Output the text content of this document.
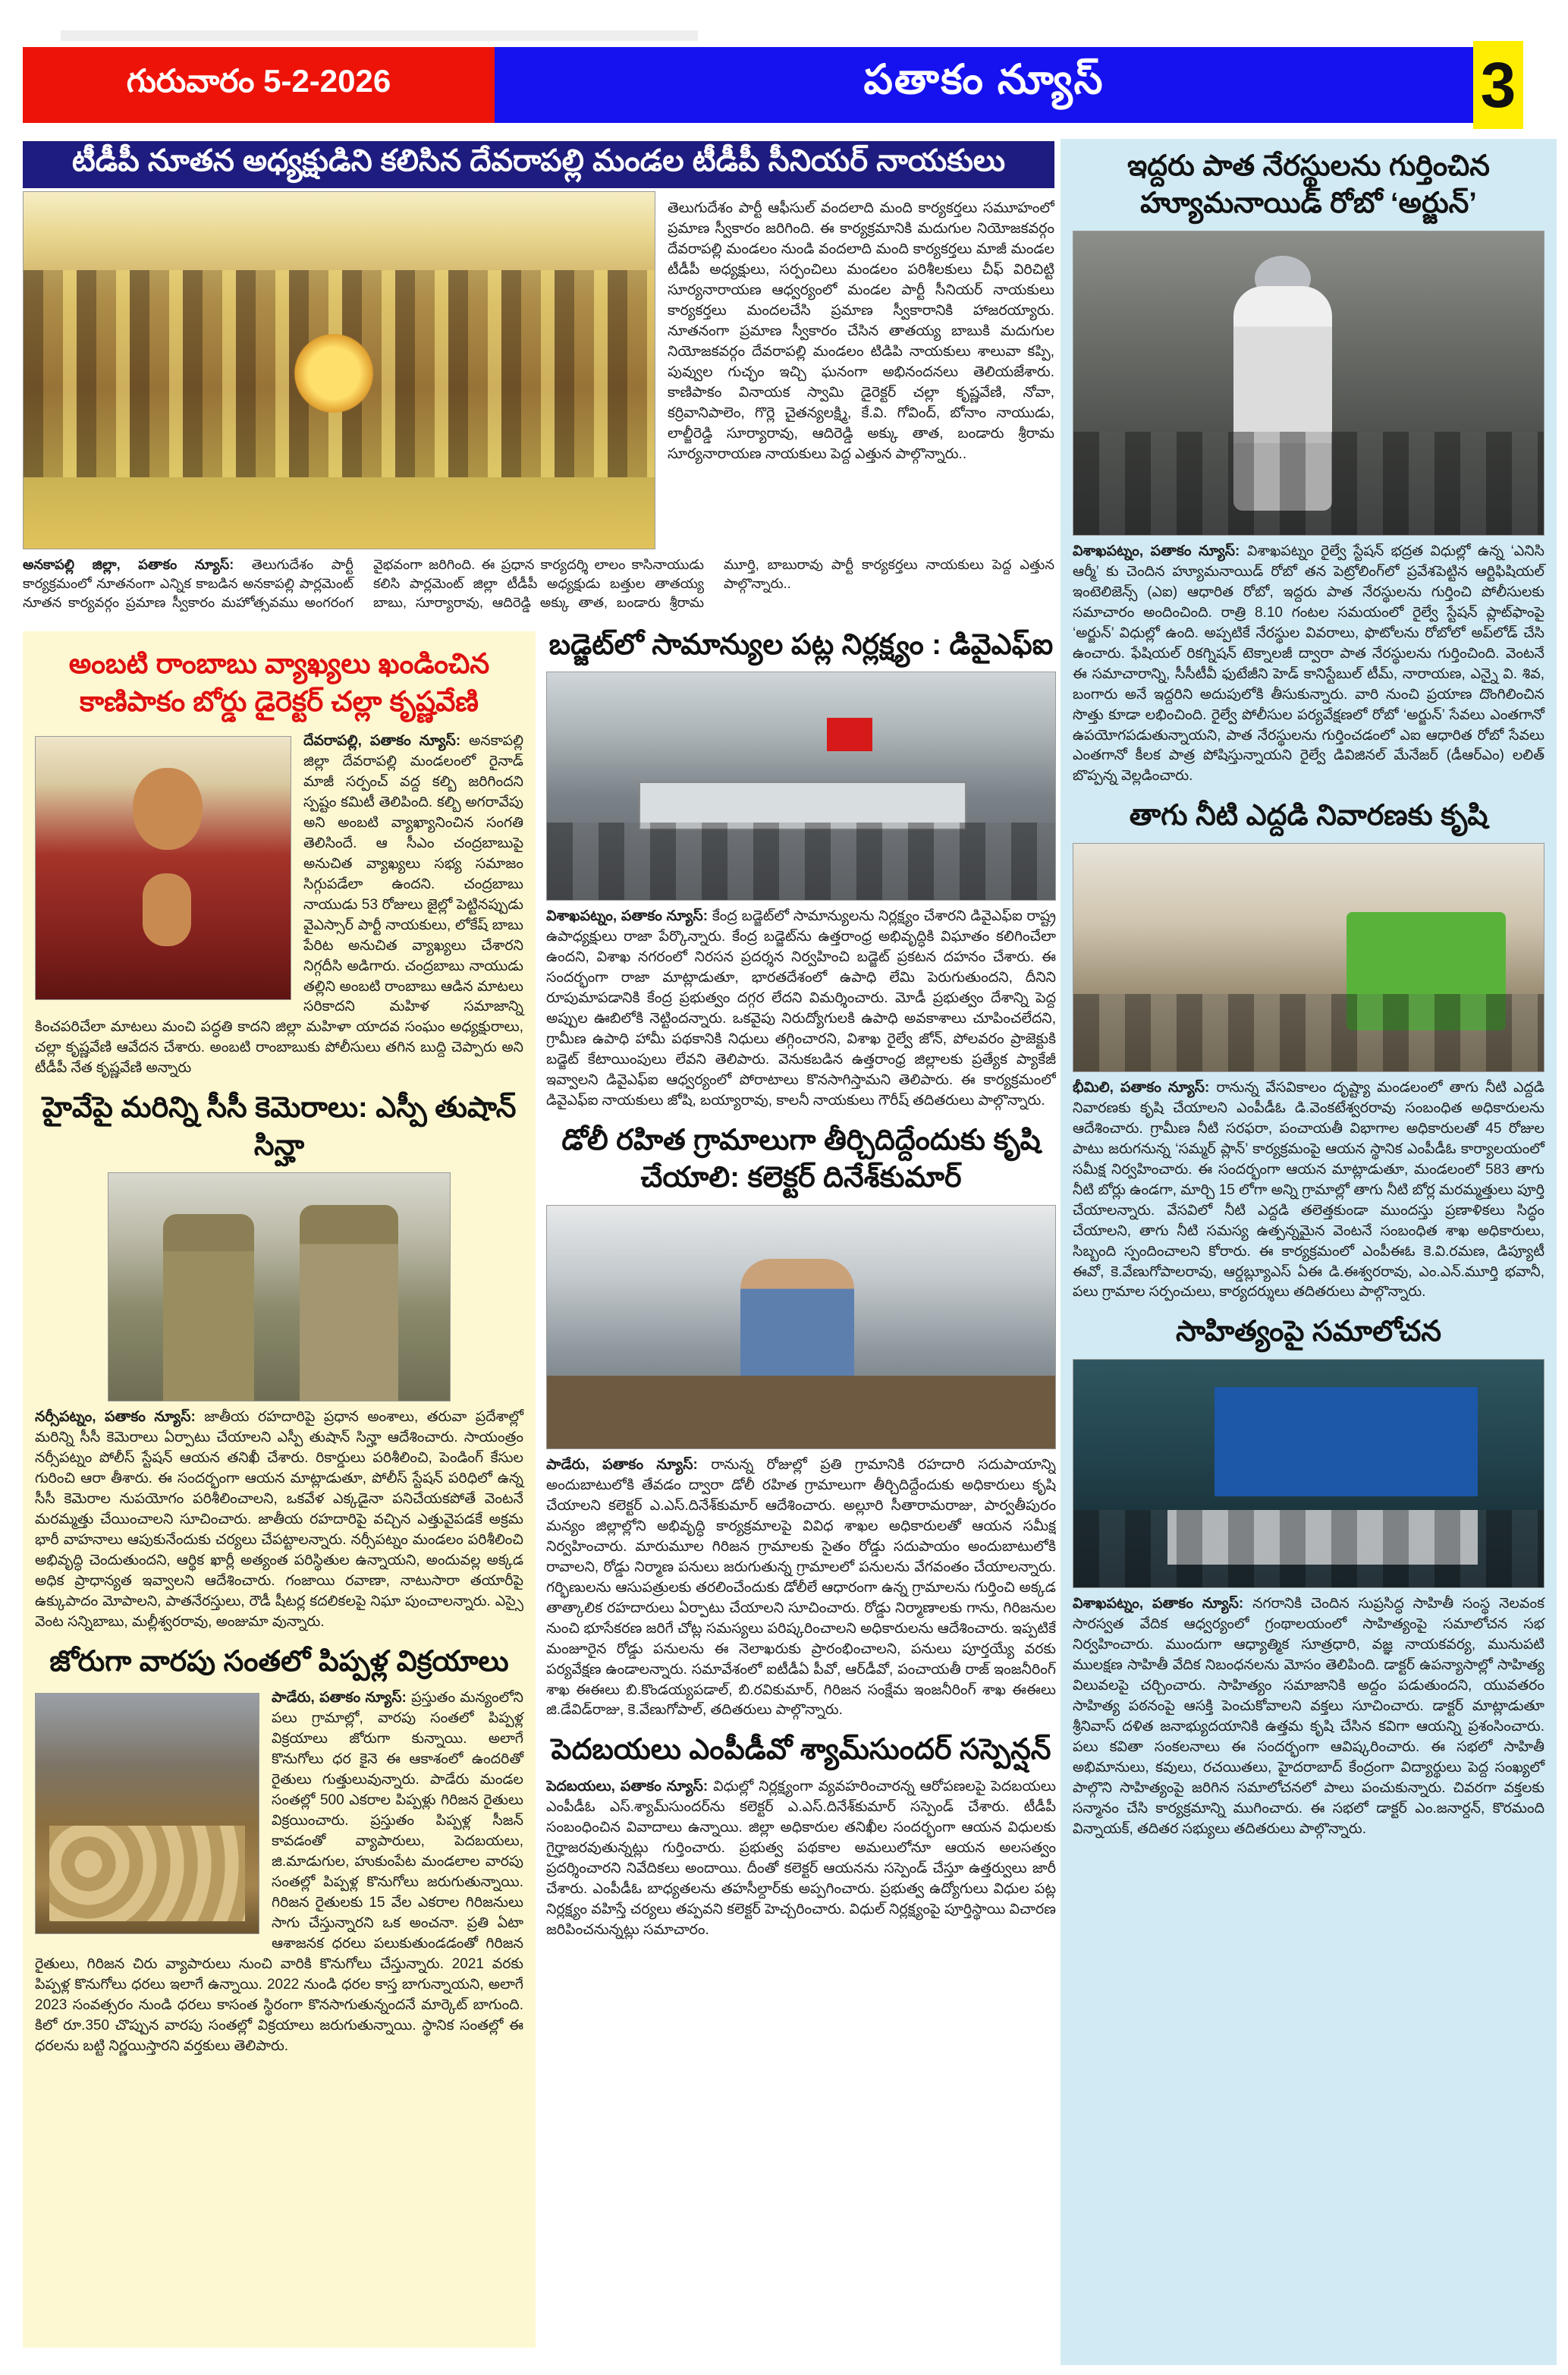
గురువారం 5-2-2026	పతాకం న్యూస్	3
టీడీపీ నూతన అధ్యక్షుడిని కలిసిన దేవరాపల్లి మండల టీడీపీ సీనియర్ నాయకులు

తెలుగుదేశం పార్టీ ఆఫీసుల్ వందలాది మంది కార్యకర్తలు సమూహంలో ప్రమాణ స్వీకారం జరిగింది. ఈ కార్యక్రమానికి మదుగుల నియోజకవర్గం దేవరాపల్లి మండలం నుండి వందలాది మంది కార్యకర్తలు మాజీ మండల టీడీపీ అధ్యక్షులు, సర్పంచిలు మండలం పరిశీలకులు చీఫ్ విరిచిట్టి సూర్యనారాయణ ఆధ్వర్యంలో మండల పార్టీ సీనియర్ నాయకులు కార్యకర్తలు మందలచేసి ప్రమాణ స్వీకారానికి హాజరయ్యారు. నూతనంగా ప్రమాణ స్వీకారం చేసిన తాతయ్య బాబుకి మదుగుల నియోజకవర్గం దేవరాపల్లి మండలం టిడిపి నాయకులు శాలువా కప్పి, పువ్వుల గుచ్ఛం ఇచ్చి ఘనంగా అభినందనలు తెలియజేశారు. కాణిపాకం వినాయక స్వామి డైరెక్టర్ చల్లా కృష్ణవేణి, నోవా, కర్రివానిపాలెం, గొర్లె చైతన్యలక్ష్మి, కే.వి. గోవింద్, బోనాం నాయుడు, లాల్జీరెడ్డి సూర్యారావు, ఆదిరెడ్డి అక్కు తాత, బండారు శ్రీరామ సూర్యనారాయణ నాయకులు పెద్ద ఎత్తున పాల్గొన్నారు..

అనకాపల్లి జిల్లా, పతాకం న్యూస్: తెలుగుదేశం పార్టీ కార్యక్రమంలో నూతనంగా ఎన్నిక కాబడిన అనకాపల్లి పార్లమెంట్ నూతన కార్యవర్గం ప్రమాణ స్వీకారం మహోత్సవము అంగరంగ వైభవంగా జరిగింది. ఈ ప్రధాన కార్యదర్శి లాలం కాసినాయుడు కలిసి పార్లమెంట్ జిల్లా టీడీపీ అధ్యక్షుడు బత్తుల తాతయ్య బాబు, సూర్యారావు, ఆదిరెడ్డి అక్కు తాత, బండారు శ్రీరామ మూర్తి, బాబురావు పార్టీ కార్యకర్తలు నాయకులు పెద్ద ఎత్తున పాల్గొన్నారు..
అంబటి రాంబాబు వ్యాఖ్యలు ఖండించిన కాణిపాకం బోర్డు డైరెక్టర్ చల్లా కృష్ణవేణి

దేవరాపల్లి, పతాకం న్యూస్: అనకాపల్లి జిల్లా దేవరాపల్లి మండలంలో రైనాడ్ మాజీ సర్పంచ్ వద్ద కల్బి జరిగిందని స్పష్టం కమిటీ తెలిపింది. కల్బి అగరావేపు అని అంబటి వ్యాఖ్యానించిన సంగతి తెలిసిందే. ఆ సీఎం చంద్రబాబుపై అనుచిత వ్యాఖ్యలు సభ్య సమాజం సిగ్గుపడేలా ఉందని. చంద్రబాబు నాయుడు 53 రోజులు జైల్లో పెట్టినప్పుడు వైఎస్సార్ పార్టీ నాయకులు, లోకేష్ బాబు పేరిట అనుచిత వ్యాఖ్యలు చేశారని నిగ్గదీసి అడిగారు. చంద్రబాబు నాయుడు తల్లిని అంబటి రాంబాబు ఆడిన మాటలు సరికాదని మహిళ సమాజాన్ని కించపరిచేలా మాటలు మంచి పద్ధతి కాదని జిల్లా మహిళా యాదవ సంఘం అధ్యక్షురాలు, చల్లా కృష్ణవేణి ఆవేదన చేశారు. అంబటి రాంబాబుకు పోలీసులు తగిన బుద్ది చెప్పారు అని టీడీపీ నేత కృష్ణవేణి అన్నారు

హైవేపై మరిన్ని సీసీ కెమెరాలు: ఎస్పీ తుషాన్ సిన్హా

నర్సీపట్నం, పతాకం న్యూస్: జాతీయ రహదారిపై ప్రధాన అంశాలు, తరువా ప్రదేశాల్లో మరిన్ని సీసీ కెమెరాలు ఏర్పాటు చేయాలని ఎస్పీ తుషాన్ సిన్హా ఆదేశించారు. సాయంత్రం నర్సీపట్నం పోలీస్ స్టేషన్ ఆయన తనిఖీ చేశారు. రికార్డులు పరిశీలించి, పెండింగ్ కేసుల గురించి ఆరా తీశారు. ఈ సందర్భంగా ఆయన మాట్లాడుతూ, పోలీస్ స్టేషన్ పరిధిలో ఉన్న సీసీ కెమెరాల నుపయోగం పరిశీలించాలని, ఒకవేళ ఎక్కడైనా పనిచేయకపోతే వెంటనే మరమ్మత్తు చేయించాలని సూచించారు. జాతీయ రహదారిపై వచ్చిన ఎత్తువైపడకే అక్రమ భారీ వాహనాలు ఆపుకునేందుకు చర్యలు చేపట్టాలన్నారు. నర్సీపట్నం మండలం పరిశీలించి అభివృద్ధి చెందుతుందని, ఆర్థిక ఖార్లీ అత్యంత పరిస్థితుల ఉన్నాయని, అందువల్ల అక్కడ అధిక ప్రాధాన్యత ఇవ్వాలని ఆదేశించారు. గంజాయి రవాణా, నాటుసారా తయారీపై ఉక్కుపాదం మోపాలని, పాతనేరస్తులు, రౌడీ షీటర్ల కదలికలపై నిఘా పుంచాలన్నారు. ఎస్సై వెంట సన్నిబాబు, మల్లీశ్వరరావు, అంజుమా వున్నారు.

జోరుగా వారపు సంతలో పిప్పళ్ల విక్రయాలు

పాడేరు, పతాకం న్యూస్: ప్రస్తుతం మన్యంలోని పలు గ్రామాల్లో, వారపు సంతలో పిప్పళ్ల విక్రయాలు జోరుగా కున్నాయి. అలాగే కొనుగోలు ధర కైనె ఈ ఆకాశంలో ఉందరితో రైతులు గుత్తులువున్నారు. పాడేరు మండల సంతల్లో 500 ఎకరాల పిప్పళ్లు గిరిజన రైతులు విక్రయించారు. ప్రస్తుతం పిప్పళ్ల సీజన్ కావడంతో వ్యాపారులు, పెదబయలు, జి.మాడుగుల, హుకుంపేట మండలాల వారపు సంతల్లో పిప్పళ్ల కొనుగోలు జరుగుతున్నాయి. గిరిజన రైతులకు 15 వేల ఎకరాల గిరిజనులు సాగు చేస్తున్నారని ఒక అంచనా. ప్రతి ఏటా ఆశాజనక ధరలు పలుకుతుండడంతో గిరిజన రైతులు, గిరిజన చిరు వ్యాపారులు నుంచి వారికి కొనుగోలు చేస్తున్నారు. 2021 వరకు పిప్పళ్ల కొనుగోలు ధరలు ఇలాగే ఉన్నాయి. 2022 నుండి ధరల కాస్త బాగున్నాయని, అలాగే 2023 సంవత్సరం నుండి ధరలు కాసంత స్థిరంగా కొనసాగుతున్నందనే మార్కెట్ బాగుంది. కిలో రూ.350 చొప్పున వారపు సంతల్లో విక్రయాలు జరుగుతున్నాయి. స్థానిక సంతల్లో ఈ ధరలను బట్టి నిర్ణయిస్తారని వర్తకులు తెలిపారు.

బడ్జెట్‌లో సామాన్యుల పట్ల నిర్లక్ష్యం : డివైఎఫ్ఐ

విశాఖపట్నం, పతాకం న్యూస్: కేంద్ర బడ్జెట్‌లో సామాన్యులను నిర్లక్ష్యం చేశారని డివైఎఫ్ఐ రాష్ట్ర ఉపాధ్యక్షులు రాజా పేర్కొన్నారు. కేంద్ర బడ్జెట్‌ను ఉత్తరాంధ్ర అభివృద్ధికి విఘాతం కలిగించేలా ఉందని, విశాఖ నగరంలో నిరసన ప్రదర్శన నిర్వహించి బడ్జెట్ ప్రకటన దహనం చేశారు. ఈ సందర్భంగా రాజా మాట్లాడుతూ, భారతదేశంలో ఉపాధి లేమి పెరుగుతుందని, దీనిని రూపుమాపడానికి కేంద్ర ప్రభుత్వం దగ్గర లేదని విమర్శించారు. మోడీ ప్రభుత్వం దేశాన్ని పెద్ద అప్పుల ఊబిలోకి నెట్టిందన్నారు. ఒకవైపు నిరుద్యోగులకి ఉపాధి అవకాశాలు చూపించలేదని, గ్రామీణ ఉపాధి హామీ పథకానికి నిధులు తగ్గించారని, విశాఖ రైల్వే జోన్, పోలవరం ప్రాజెక్టుకి బడ్జెట్ కేటాయింపులు లేవని తెలిపారు. వెనుకబడిన ఉత్తరాంధ్ర జిల్లాలకు ప్రత్యేక ప్యాకేజీ ఇవ్వాలని డివైఎఫ్ఐ ఆధ్వర్యంలో పోరాటాలు కొనసాగిస్తామని తెలిపారు. ఈ కార్యక్రమంలో డివైఎఫ్ఐ నాయకులు జోషి, బయ్యారావు, కాలనీ నాయకులు గౌరీష్ తదితరులు పాల్గొన్నారు.

డోలీ రహిత గ్రామాలుగా తీర్చిదిద్దేందుకు కృషి చేయాలి: కలెక్టర్ దినేశ్‌కుమార్

పాడేరు, పతాకం న్యూస్: రానున్న రోజుల్లో ప్రతి గ్రామానికి రహదారి సదుపాయాన్ని అందుబాటులోకి తేవడం ద్వారా డోలీ రహిత గ్రామాలుగా తీర్చిదిద్దేందుకు అధికారులు కృషి చేయాలని కలెక్టర్ ఎ.ఎస్.దినేశ్‌కుమార్ ఆదేశించారు. అల్లూరి సీతారామరాజు, పార్వతీపురం మన్యం జిల్లాల్లోని అభివృద్ధి కార్యక్రమాలపై వివిధ శాఖల అధికారులతో ఆయన సమీక్ష నిర్వహించారు. మారుమూల గిరిజన గ్రామాలకు సైతం రోడ్డు సదుపాయం అందుబాటులోకి రావాలని, రోడ్డు నిర్మాణ పనులు జరుగుతున్న గ్రామాలలో పనులను వేగవంతం చేయాలన్నారు. గర్భిణులను ఆసుపత్రులకు తరలించేందుకు డోలీలే ఆధారంగా ఉన్న గ్రామాలను గుర్తించి అక్కడ తాత్కాలిక రహదారులు ఏర్పాటు చేయాలని సూచించారు. రోడ్డు నిర్మాణాలకు గాను, గిరిజనుల నుంచి భూసేకరణ జరిగే చోట్ల సమస్యలు పరిష్కరించాలని అధికారులను ఆదేశించారు. ఇప్పటికే మంజూరైన రోడ్డు పనులను ఈ నెలాఖరుకు ప్రారంభించాలని, పనులు పూర్తయ్యే వరకు పర్యవేక్షణ ఉండాలన్నారు. సమావేశంలో ఐటీడీఏ పీవో, ఆర్‌డీవో, పంచాయతీ రాజ్ ఇంజనీరింగ్ శాఖ ఈఈలు బి.కొండయ్యపడాల్, బి.రవికుమార్, గిరిజన సంక్షేమ ఇంజనీరింగ్ శాఖ ఈఈలు జి.డేవిడ్‌రాజు, కె.వేణుగోపాల్, తదితరులు పాల్గొన్నారు.

పెదబయలు ఎంపీడీవో శ్యామ్‌సుందర్ సస్పెన్షన్

పెదబయలు, పతాకం న్యూస్: విధుల్లో నిర్లక్ష్యంగా వ్యవహరించారన్న ఆరోపణలపై పెదబయలు ఎంపీడీఓ ఎస్.శ్యామ్‌సుందర్‌ను కలెక్టర్ ఎ.ఎస్.దినేశ్‌కుమార్ సస్పెండ్ చేశారు. టీడీపీ సంబంధించిన వివాదాలు ఉన్నాయి. జిల్లా అధికారుల తనిఖీల సందర్భంగా ఆయన విధులకు గైర్హాజరవుతున్నట్లు గుర్తించారు. ప్రభుత్వ పథకాల అమలులోనూ ఆయన అలసత్వం ప్రదర్శించారని నివేదికలు అందాయి. దీంతో కలెక్టర్ ఆయనను సస్పెండ్ చేస్తూ ఉత్తర్వులు జారీ చేశారు. ఎంపీడీఓ బాధ్యతలను తహసీల్దార్‌కు అప్పగించారు. ప్రభుత్వ ఉద్యోగులు విధుల పట్ల నిర్లక్ష్యం వహిస్తే చర్యలు తప్పవని కలెక్టర్ హెచ్చరించారు. విధుల్ నిర్లక్ష్యంపై పూర్తిస్థాయి విచారణ జరిపించనున్నట్లు సమాచారం.

ఇద్దరు పాత నేరస్థులను గుర్తించిన హ్యూమనాయిడ్ రోబో ‘అర్జున్’

విశాఖపట్నం, పతాకం న్యూస్: విశాఖపట్నం రైల్వే స్టేషన్ భద్రత విధుల్లో ఉన్న ‘ఎనిసి ఆర్మీ’ కు చెందిన హ్యూమనాయిడ్ రోబో తన పెట్రోలింగ్‌లో ప్రవేశపెట్టిన ఆర్టిఫిషియల్ ఇంటెలిజెన్స్ (ఎఐ) ఆధారిత రోబో, ఇద్దరు పాత నేరస్థులను గుర్తించి పోలీసులకు సమాచారం అందించింది. రాత్రి 8.10 గంటల సమయంలో రైల్వే స్టేషన్ ప్లాట్‌ఫాంపై ‘అర్జున్’ విధుల్లో ఉంది. అప్పటికే నేరస్థుల వివరాలు, ఫొటోలను రోబోలో అప్‌లోడ్ చేసి ఉంచారు. ఫేషియల్ రికగ్నిషన్ టెక్నాలజీ ద్వారా పాత నేరస్థులను గుర్తించింది. వెంటనే ఈ సమాచారాన్ని, సీసీటీవీ ఫుటేజీని హెడ్ కానిస్టేబుల్ టీమ్, నారాయణ, ఎన్నై వి. శివ, బంగారు అనే ఇద్దరిని అదుపులోకి తీసుకున్నారు. వారి నుంచి ప్రయాణ దొంగిలించిన సొత్తు కూడా లభించింది. రైల్వే పోలీసుల పర్యవేక్షణలో రోబో ‘అర్జున్’ సేవలు ఎంతగానో ఉపయోగపడుతున్నాయని, పాత నేరస్థులను గుర్తించడంలో ఎఐ ఆధారిత రోబో సేవలు ఎంతగానో కీలక పాత్ర పోషిస్తున్నాయని రైల్వే డివిజినల్ మేనేజర్ (డీఆర్ఎం) లలిత్ బొప్పన్న వెల్లడించారు.

తాగు నీటి ఎద్దడి నివారణకు కృషి

భీమిలి, పతాకం న్యూస్: రానున్న వేసవికాలం దృష్ట్యా మండలంలో తాగు నీటి ఎద్దడి నివారణకు కృషి చేయాలని ఎంపీడీఓ డి.వెంకటేశ్వరరావు సంబంధిత అధికారులను ఆదేశించారు. గ్రామీణ నీటి సరఫరా, పంచాయతీ విభాగాల అధికారులతో 45 రోజుల పాటు జరుగనున్న ‘సమ్మర్ ప్లాన్’ కార్యక్రమంపై ఆయన స్థానిక ఎంపీడీఓ కార్యాలయంలో సమీక్ష నిర్వహించారు. ఈ సందర్భంగా ఆయన మాట్లాడుతూ, మండలంలో 583 తాగు నీటి బోర్లు ఉండగా, మార్చి 15 లోగా అన్ని గ్రామాల్లో తాగు నీటి బోర్ల మరమ్మత్తులు పూర్తి చేయాలన్నారు. వేసవిలో నీటి ఎద్దడి తలెత్తకుండా ముందస్తు ప్రణాళికలు సిద్ధం చేయాలని, తాగు నీటి సమస్య ఉత్పన్నమైన వెంటనే సంబంధిత శాఖ అధికారులు, సిబ్బంది స్పందించాలని కోరారు. ఈ కార్యక్రమంలో ఎంపీఈఓ కె.వి.రమణ, డిప్యూటీ ఈవో, కె.వేణుగోపాలరావు, ఆర్డబ్ల్యూఎస్ ఏఈ డి.ఈశ్వరరావు, ఎం.ఎన్.మూర్తి భవానీ, పలు గ్రామాల సర్పంచులు, కార్యదర్శులు తదితరులు పాల్గొన్నారు.

సాహిత్యంపై సమాలోచన

విశాఖపట్నం, పతాకం న్యూస్: నగరానికి చెందిన సుప్రసిద్ధ సాహితీ సంస్థ నెలవంక సారస్వత వేదిక ఆధ్వర్యంలో గ్రంథాలయంలో సాహిత్యంపై సమాలోచన సభ నిర్వహించారు. ముందుగా ఆధ్యాత్మిక సూత్రధారి, వజ్ఞ నాయకవర్య, మునుపటి ములక్షణ సాహితీ వేదిక నిబంధనలను మోసం తెలిపింది. డాక్టర్ ఉపన్యాసాల్లో సాహిత్య విలువలపై చర్చించారు. సాహిత్యం సమాజానికి అద్దం పడుతుందని, యువతరం సాహిత్య పఠనంపై ఆసక్తి పెంచుకోవాలని వక్తలు సూచించారు. డాక్టర్ మాట్లాడుతూ శ్రీనివాస్ దళిత జనాభ్యుదయానికి ఉత్తమ కృషి చేసిన కవిగా ఆయన్ని ప్రశంసించారు. పలు కవితా సంకలనాలు ఈ సందర్భంగా ఆవిష్కరించారు. ఈ సభలో సాహితీ అభిమానులు, కవులు, రచయితలు, హైదరాబాద్ కేంద్రంగా విద్యార్థులు పెద్ద సంఖ్యలో పాల్గొని సాహిత్యంపై జరిగిన సమాలోచనలో పాలు పంచుకున్నారు. చివరగా వక్తలకు సన్మానం చేసి కార్యక్రమాన్ని ముగించారు. ఈ సభలో డాక్టర్ ఎం.జనార్దన్, కొరమంది విన్నాయక్, తదితర సభ్యులు తదితరులు పాల్గొన్నారు.
